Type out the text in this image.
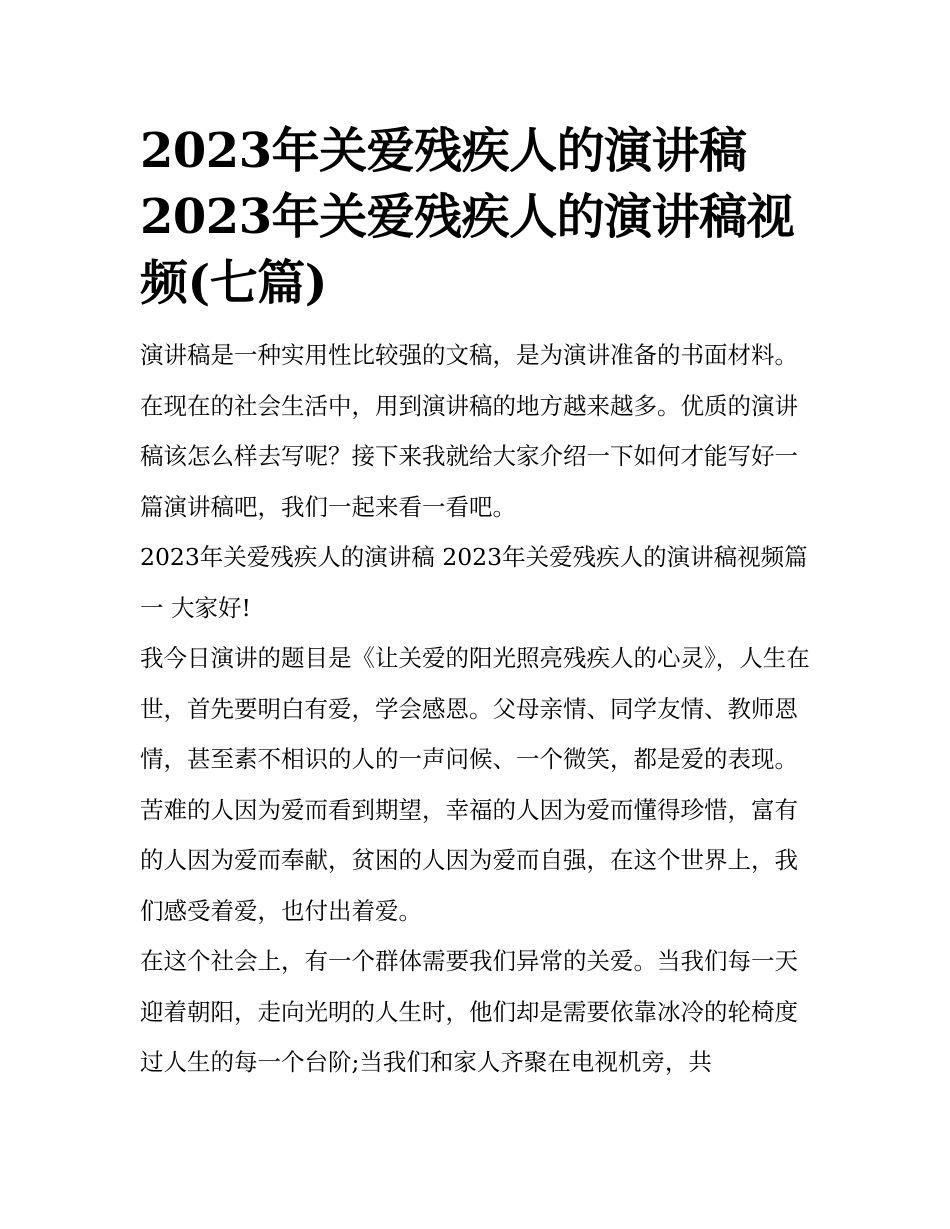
2023年关爱残疾人的演讲稿 2023年关爱残疾人的演讲稿视频(七篇)

演讲稿是一种实用性比较强的文稿，是为演讲准备的书面材料。在现在的社会生活中，用到演讲稿的地方越来越多。优质的演讲稿该怎么样去写呢？接下来我就给大家介绍一下如何才能写好一篇演讲稿吧，我们一起来看一看吧。

2023年关爱残疾人的演讲稿 2023年关爱残疾人的演讲稿视频篇一 大家好!

我今日演讲的题目是《让关爱的阳光照亮残疾人的心灵》，人生在世，首先要明白有爱，学会感恩。父母亲情、同学友情、教师恩情，甚至素不相识的人的一声问候、一个微笑，都是爱的表现。苦难的人因为爱而看到期望，幸福的人因为爱而懂得珍惜，富有的人因为爱而奉献，贫困的人因为爱而自强，在这个世界上，我们感受着爱，也付出着爱。

在这个社会上，有一个群体需要我们异常的关爱。当我们每一天迎着朝阳，走向光明的人生时，他们却是需要依靠冰冷的轮椅度过人生的每一个台阶;当我们和家人齐聚在电视机旁，共
